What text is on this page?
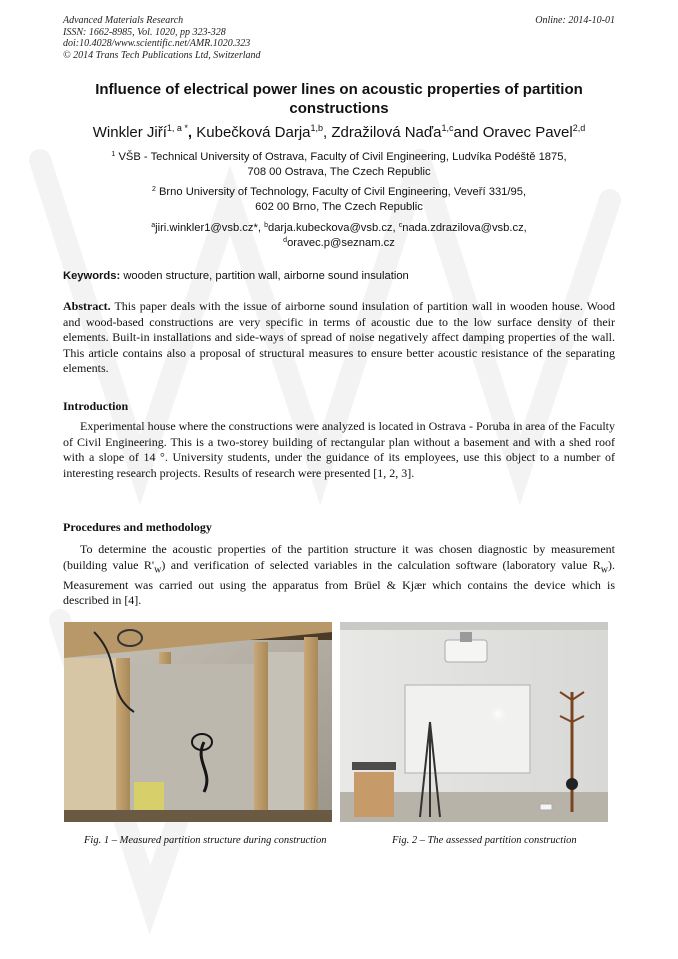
Advanced Materials Research
ISSN: 1662-8985, Vol. 1020, pp 323-328
doi:10.4028/www.scientific.net/AMR.1020.323
© 2014 Trans Tech Publications Ltd, Switzerland
Online: 2014-10-01
Influence of electrical power lines on acoustic properties of partition constructions
Winkler Jiří$^{1, a *}$, Kubečková Darja$^{1,b}$, Zdražilová Naďa$^{1,c}$and Oravec Pavel$^{2,d}$
$^1$ VŠB - Technical University of Ostrava, Faculty of Civil Engineering, Ludvíka Podéště 1875,
708 00 Ostrava, The Czech Republic
$^2$ Brno University of Technology, Faculty of Civil Engineering, Veveří 331/95,
602 00 Brno, The Czech Republic
$^a$jiri.winkler1@vsb.cz*, $^b$darja.kubeckova@vsb.cz, $^c$nada.zdrazilova@vsb.cz,
$^d$oravec.p@seznam.cz
Keywords: wooden structure, partition wall, airborne sound insulation
Abstract. This paper deals with the issue of airborne sound insulation of partition wall in wooden house. Wood and wood-based constructions are very specific in terms of acoustic due to the low surface density of their elements. Built-in installations and side-ways of spread of noise negatively affect damping properties of the wall. This article contains also a proposal of structural measures to ensure better acoustic resistance of the separating elements.
Introduction
Experimental house where the constructions were analyzed is located in Ostrava - Poruba in area of the Faculty of Civil Engineering. This is a two-storey building of rectangular plan without a basement and with a shed roof with a slope of 14 °. University students, under the guidance of its employees, use this object to a number of interesting research projects. Results of research were presented [1, 2, 3].
Procedures and methodology
To determine the acoustic properties of the partition structure it was chosen diagnostic by measurement (building value $R'_w$) and verification of selected variables in the calculation software (laboratory value $R_w$). Measurement was carried out using the apparatus from Brüel & Kjær which contains the device which is described in [4].
Fig. 1 – Measured partition structure during construction	Fig. 2 – The assessed partition construction
